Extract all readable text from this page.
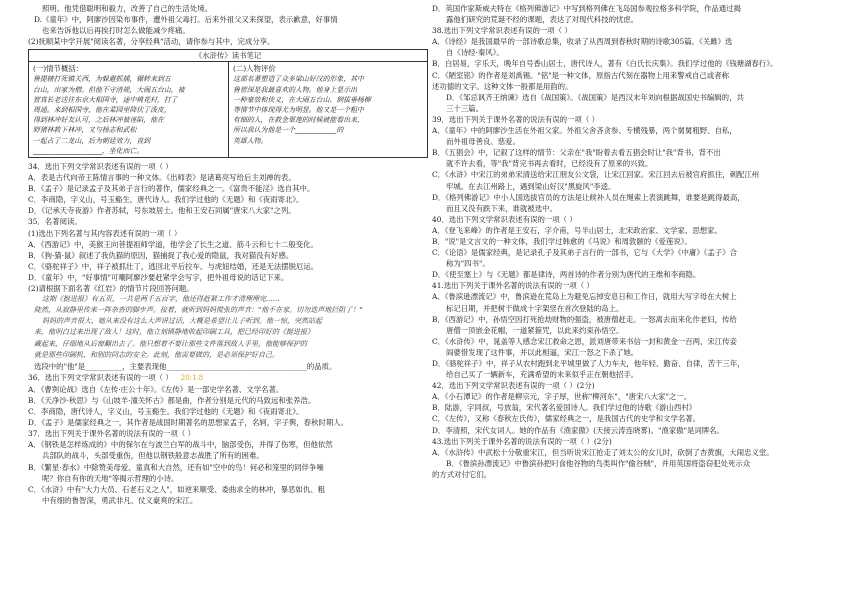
照明。他凭借聪明和毅力，改善了自己的生活处境。
D.《童年》中，阿廖沙因染布事件，遭外祖父毒打。后来外祖父又来探望，表示歉意，好事情
也来告诉他以后再挨打时怎么做能减少疼痛。
(2)抚顺某中学开展"阅读名著，分享经典"活动，请你参与其中，完成分享。
《水浒传》读书笔记
(一)情节概括：
鲁提辖打死镇关西，为躲避抓捕，辗转来到五
台山，出家为僧。但他不守清规，大闹五台山，被
智真长老送往东京大相国寺，途中桃花村，打了
周通。来到相国寺，他在菜园里降伏了泼皮，
得到林冲好友认可，之后林冲被诬陷，他在
野猪林救下林冲，又与杨志和武松
一起占了二龙山，后为朝廷效力，直到
____________________，坐化而亡。
(二)人物评价
这部名著塑造了众多梁山好汉的形象，其中
鲁智深是我最喜欢的人物。他身上显示出
一种豪放和侠义，在大闹五台山、倒拔垂杨柳
等情节中体现得尤为明显。他又是一个粗中
有细的人，在救金翠莲的时候就能看出来，
所以我认为他是一个____________的
英雄人物。
34．选出下列文学常识表述有误的一项（ ）
A．表是古代向帝王陈情言事的一种文体。《出师表》是诸葛亮写给后主刘禅的表。
B．《孟子》是记录孟子及其弟子言行的著作，儒家经典之一。《富贵不能淫》选自其中。
C．李商隐，字义山，号玉谿生，唐代诗人。我们学过他的《无题》和《夜雨寄北》。
D．《记承天寺夜游》作者苏轼，号东坡居士。他和王安石同属"唐宋八大家"之列。
35．名著阅读。
(1)选出下列名著与其内容表述有误的一项（ ）
A．《西游记》中，美猴王向菩提祖师学道，他学会了长生之道、筋斗云和七十二般变化。
B．《狗·猫·鼠》叙述了我仇猫的原因，猫捕捉了我心爱的隐鼠，我对猫没有好感。
C．《骆驼祥子》中，祥子被抓壮丁，逃回北平后拉车。与虎妞结婚，还是无法摆脱厄运。
D．《童年》中，"好事情"可嘲阿廖沙要赶紧学会写字，把外祖母说的话记下来。
(2)请根据下面名著《红岩》的情节片段回答问题。
这期《挺进报》有五页，一共是两千五百字，他还得赶紧工作才清理埋完……
陡然，从寂静里传来一阵杂沓的脚步声。接着，就听到妈妈慌张的声音："他不在家。切勿迭声地拦阻了！"
妈妈的声音很大，她从来没有这么大声讲过话，大概是希望让儿子听到。他一惊，突然站起
来，他明白过来出现了敌人！这时，他立刻镇静地收起印刷工具，把已经印好的《挺进报》
藏起来，仔细地从后窗翻出去了。他只想着不要让那些文件落到敌人手里，他能够保护的
就是那些印刷机、和别的同志的安全。此刻，他需要做的，是必须保护好自己。
选段中的"他"是__________，主要表现他______________________________________的品质。
36．选出下列文学常识表述有误的一项（ ） 20:1.8
A．《曹刿论战》选自《左传·庄公十年》。《左传》是一部史学名著、文学名著。
B．《天净沙·秋思》与《山坡羊·潼关怀古》都是曲，作者分别是元代的马致远和张养浩。
C．李商隐，唐代诗人，字义山，号玉谿生。我们学过他的《无题》和《夜雨寄北》。
D．《孟子》是儒家经典之一，其作者是战国时期著名的思想家孟子，名轲，字子舆，春秋时期人。
37．选出下列关于课外名著的说法有误的一项（ ）
A．《钢铁是怎样炼成的》中的保尔在与波兰白军的战斗中，脑部受伤，并得了伤寒，但他依然
兵部队的战斗，头部受重伤，但他以钢铁般意志战胜了所有的困难。
B．《繁星·春水》中除赞美母爱、童真和大自然，还有如"空中的鸟！何必和笼里的同伴争噪
呢？你自有你的天地"等揭示哲理的小诗。
C．《水浒》中有"大力大员、石老石义之人"，如逆来顺受、委曲求全的林冲，暴恶如仇、粗
中有细的鲁智深，勇武非凡、仗义豪爽的宋江。
D．英国作家斯威夫特在《格列佛游记》中写到格列佛在飞岛国参观拉格多科学院，作品通过揭
露他们研究的荒诞不经的课题，表达了对现代科技的忧虑。
38.选出下列文学常识表述有误的一项（ ）
A．《诗经》是我国最早的一部诗歌总集，收录了从西周到春秋时期的诗歌305篇。《关雎》选
自《诗经·秦风》。
B．白居易，字乐天，晚年自号香山居士，唐代诗人，著有《白氏长庆集》。我们学过他的《钱塘湖春行》。
C．《陋室铭》的作者是刘禹锡。"铭"是一种文体，原指古代刻在器物上用来警戒自己或者称
述功德的文字。这种文体一般都是用韵的。
D．《邹忌讽齐王纳谏》选自《战国策》。《战国策》是西汉末年刘向根据战国史书编辑的，共
三十三篇。
39．选出下列关于课外名著的说法有误的一项（ ）
A．《童年》中的阿廖沙生活在外祖父家。外祖父舍吝贪参、专横残暴，两个舅舅粗野、自私，
而外祖母善良、慈爱。
B．《五猖会》中，记叙了这样的情节：父亲在"我"盼着去看五猖会时让"我"背书，背不出
就不许去看，等"我"背完书再去看时，已经没有了原来的兴致。
C．《水浒》中宋江的弟弟宋清送给宋江朋友公文袋，让宋江回家。宋江回去后被官府抓住，刺配江州
牢城。在去江州路上，遇到梁山好汉"黑旋风"李逵。
D．《格列佛游记》中小人国选拔官员的方法是让候补人员在绳索上表演跳舞，谁要是跳得最高，
而且又没有跌下来，谁就被选中。
40．选出下列文学常识表述有误的一项（ ）
A．《登飞来峰》的作者是王安石，字介甫，号半山居士，北宋政治家、文学家、思想家。
B．"说"是文言文的一种文体，我们学过韩愈的《马说》和周敦颐的《爱莲说》。
C．《论语》是儒家经典，是记录孔子及其弟子言行的一部书，它与《大学》《中庸》《孟子》合
称为"四书"。
D．《使至塞上》与《无题》都是律诗，两首诗的作者分别为唐代的王维和李商隐。
41.选出下列关于课外名著的说法有误的一项（ ）
A．《鲁滨逊漂流记》中，鲁滨逊在荒岛上为避免忘掉安息日和工作日，就用大写字母在大树上
标记日期，并把树干做成十字架竖在首次登陆的岛上。
B．《西游记》中，孙悟空因打死抢劫财物的强盗，被唐僧赶走。一怒离去而来化作老妇，传给
唐僧一顶嵌金花帽，一道紧箍咒，以此来约束孙悟空。
C．《水浒传》中，晁盖等人感念宋江救命之恩，派刘唐带来书信一封和黄金一百两，宋江传妾
阎婆惜发现了这件事，并以此相逼，宋江一怒之下杀了她。
D．《骆驼祥子》中，祥子从农村跑到北平城里做了人力车夫，他年轻、勤奋、自律，苦干三年，
给自己买了一辆新车，充满希望的未来似乎正在朝他招手。
42．选出下列文学常识表述有误的一项（ ）(2分)
A．《小石潭记》的作者是柳宗元，字子厚，世称"柳河东"，"唐宋八大家"之一。
B．陆游，字同叔，号放翁，宋代著名爱国诗人。我们学过他的诗歌《游山西村》
C．《左传》，又称《春秋左氏传》，儒家经典之一，是我国古代的史学和文学名著。
D．李清照，宋代女词人。她的作品有《渔家傲》(天接云涛连晓雾)。"渔家傲"是词牌名。
43.选出下列关于课外名著的说法有误的一项（ ）(2分)
A．《水浒传》中武松十分敬重宋江，但当听说宋江抢走了刘太公的女儿时，砍倒了杏黄旗，大闹忠义堂。
B．《鲁滨孙漂流记》中鲁滨孙把叼食他谷物的鸟类叫作"偷谷贼"，并用英国将盗窃犯处死示众
的方式对付它们。
